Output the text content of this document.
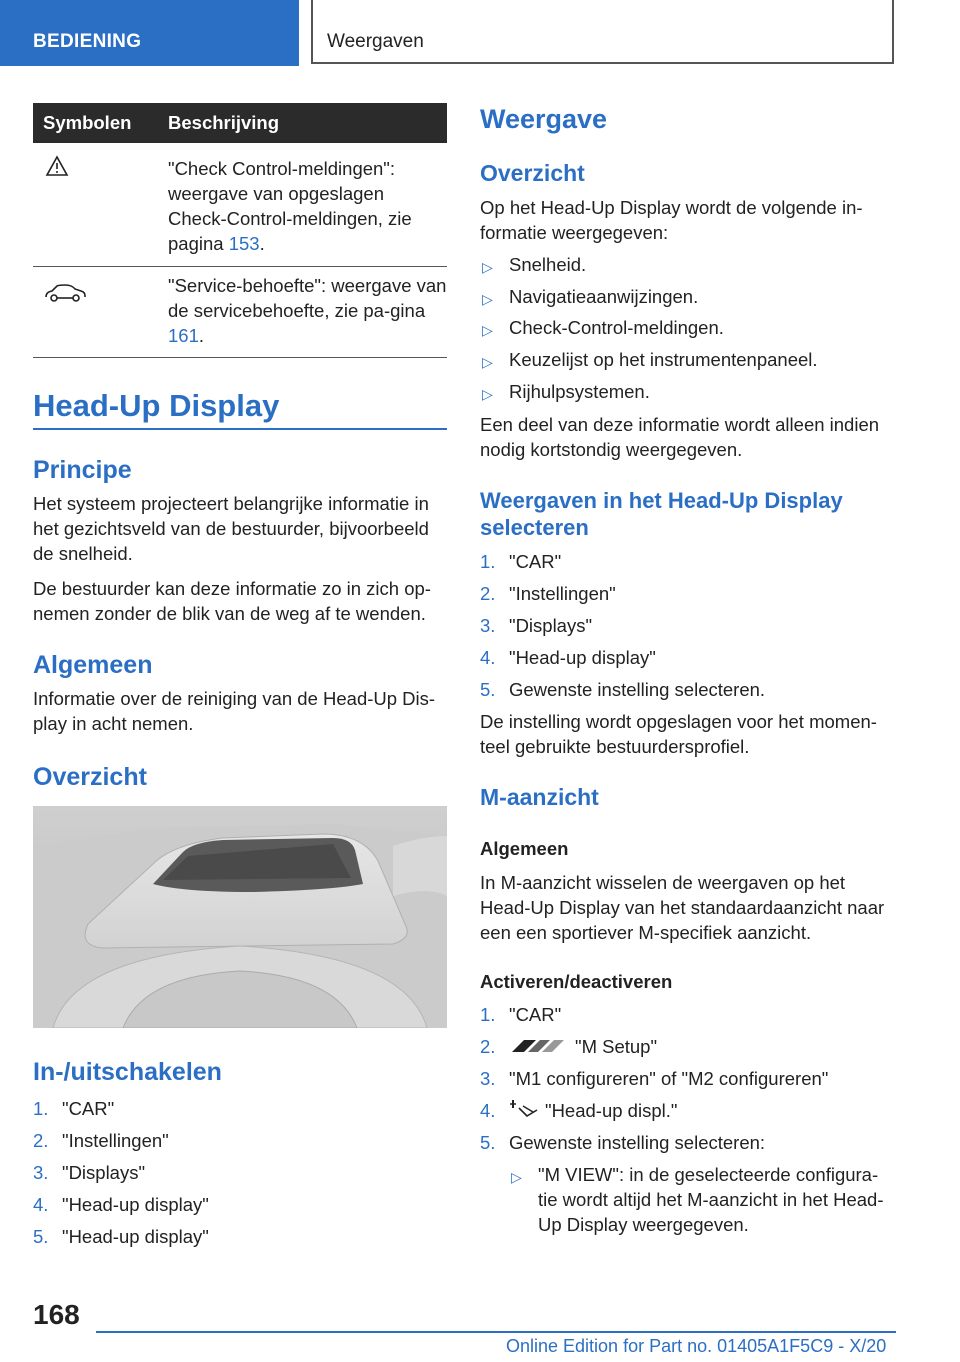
BEDIENING	Weergaven
Symbolen	Beschrijving
	"Check Control-meldingen": weergave van opgeslagen Check-Control-meldingen, zie pagina 153.
	"Service-behoefte": weergave van de servicebehoefte, zie pa-gina 161.
Head-Up Display
Principe

Het systeem projecteert belangrijke informatie in het gezichtsveld van de bestuurder, bijvoorbeeld de snelheid.

De bestuurder kan deze informatie zo in zich op-nemen zonder de blik van de weg af te wenden.

Algemeen

Informatie over de reiniging van de Head-Up Dis-play in acht nemen.

Overzicht
In-/uitschakelen
1. "CAR"
2. "Instellingen"
3. "Displays"
4. "Head-up display"
5. "Head-up display"
Weergave
Overzicht

Op het Head-Up Display wordt de volgende in-formatie weergegeven:

▷ Snelheid.
▷ Navigatieaanwijzingen.
▷ Check-Control-meldingen.
▷ Keuzelijst op het instrumentenpaneel.
▷ Rijhulpsystemen.

Een deel van deze informatie wordt alleen indien nodig kortstondig weergegeven.

Weergaven in het Head-Up Display selecteren
1. "CAR"
2. "Instellingen"
3. "Displays"
4. "Head-up display"
5. Gewenste instelling selecteren.

De instelling wordt opgeslagen voor het momen-teel gebruikte bestuurdersprofiel.

M-aanzicht
Algemeen

In M-aanzicht wisselen de weergaven op het Head-Up Display van het standaardaanzicht naar een een sportiever M-specifiek aanzicht.

Activeren/deactiveren
1. "CAR"
2.	"M Setup"
3. "M1 configureren" of "M2 configureren"
4.	"Head-up displ."
5. Gewenste instelling selecteren:
▷ "M VIEW": in de geselecteerde configura-tie wordt altijd het M-aanzicht in het Head-Up Display weergegeven.
168
Online Edition for Part no. 01405A1F5C9 - X/20
